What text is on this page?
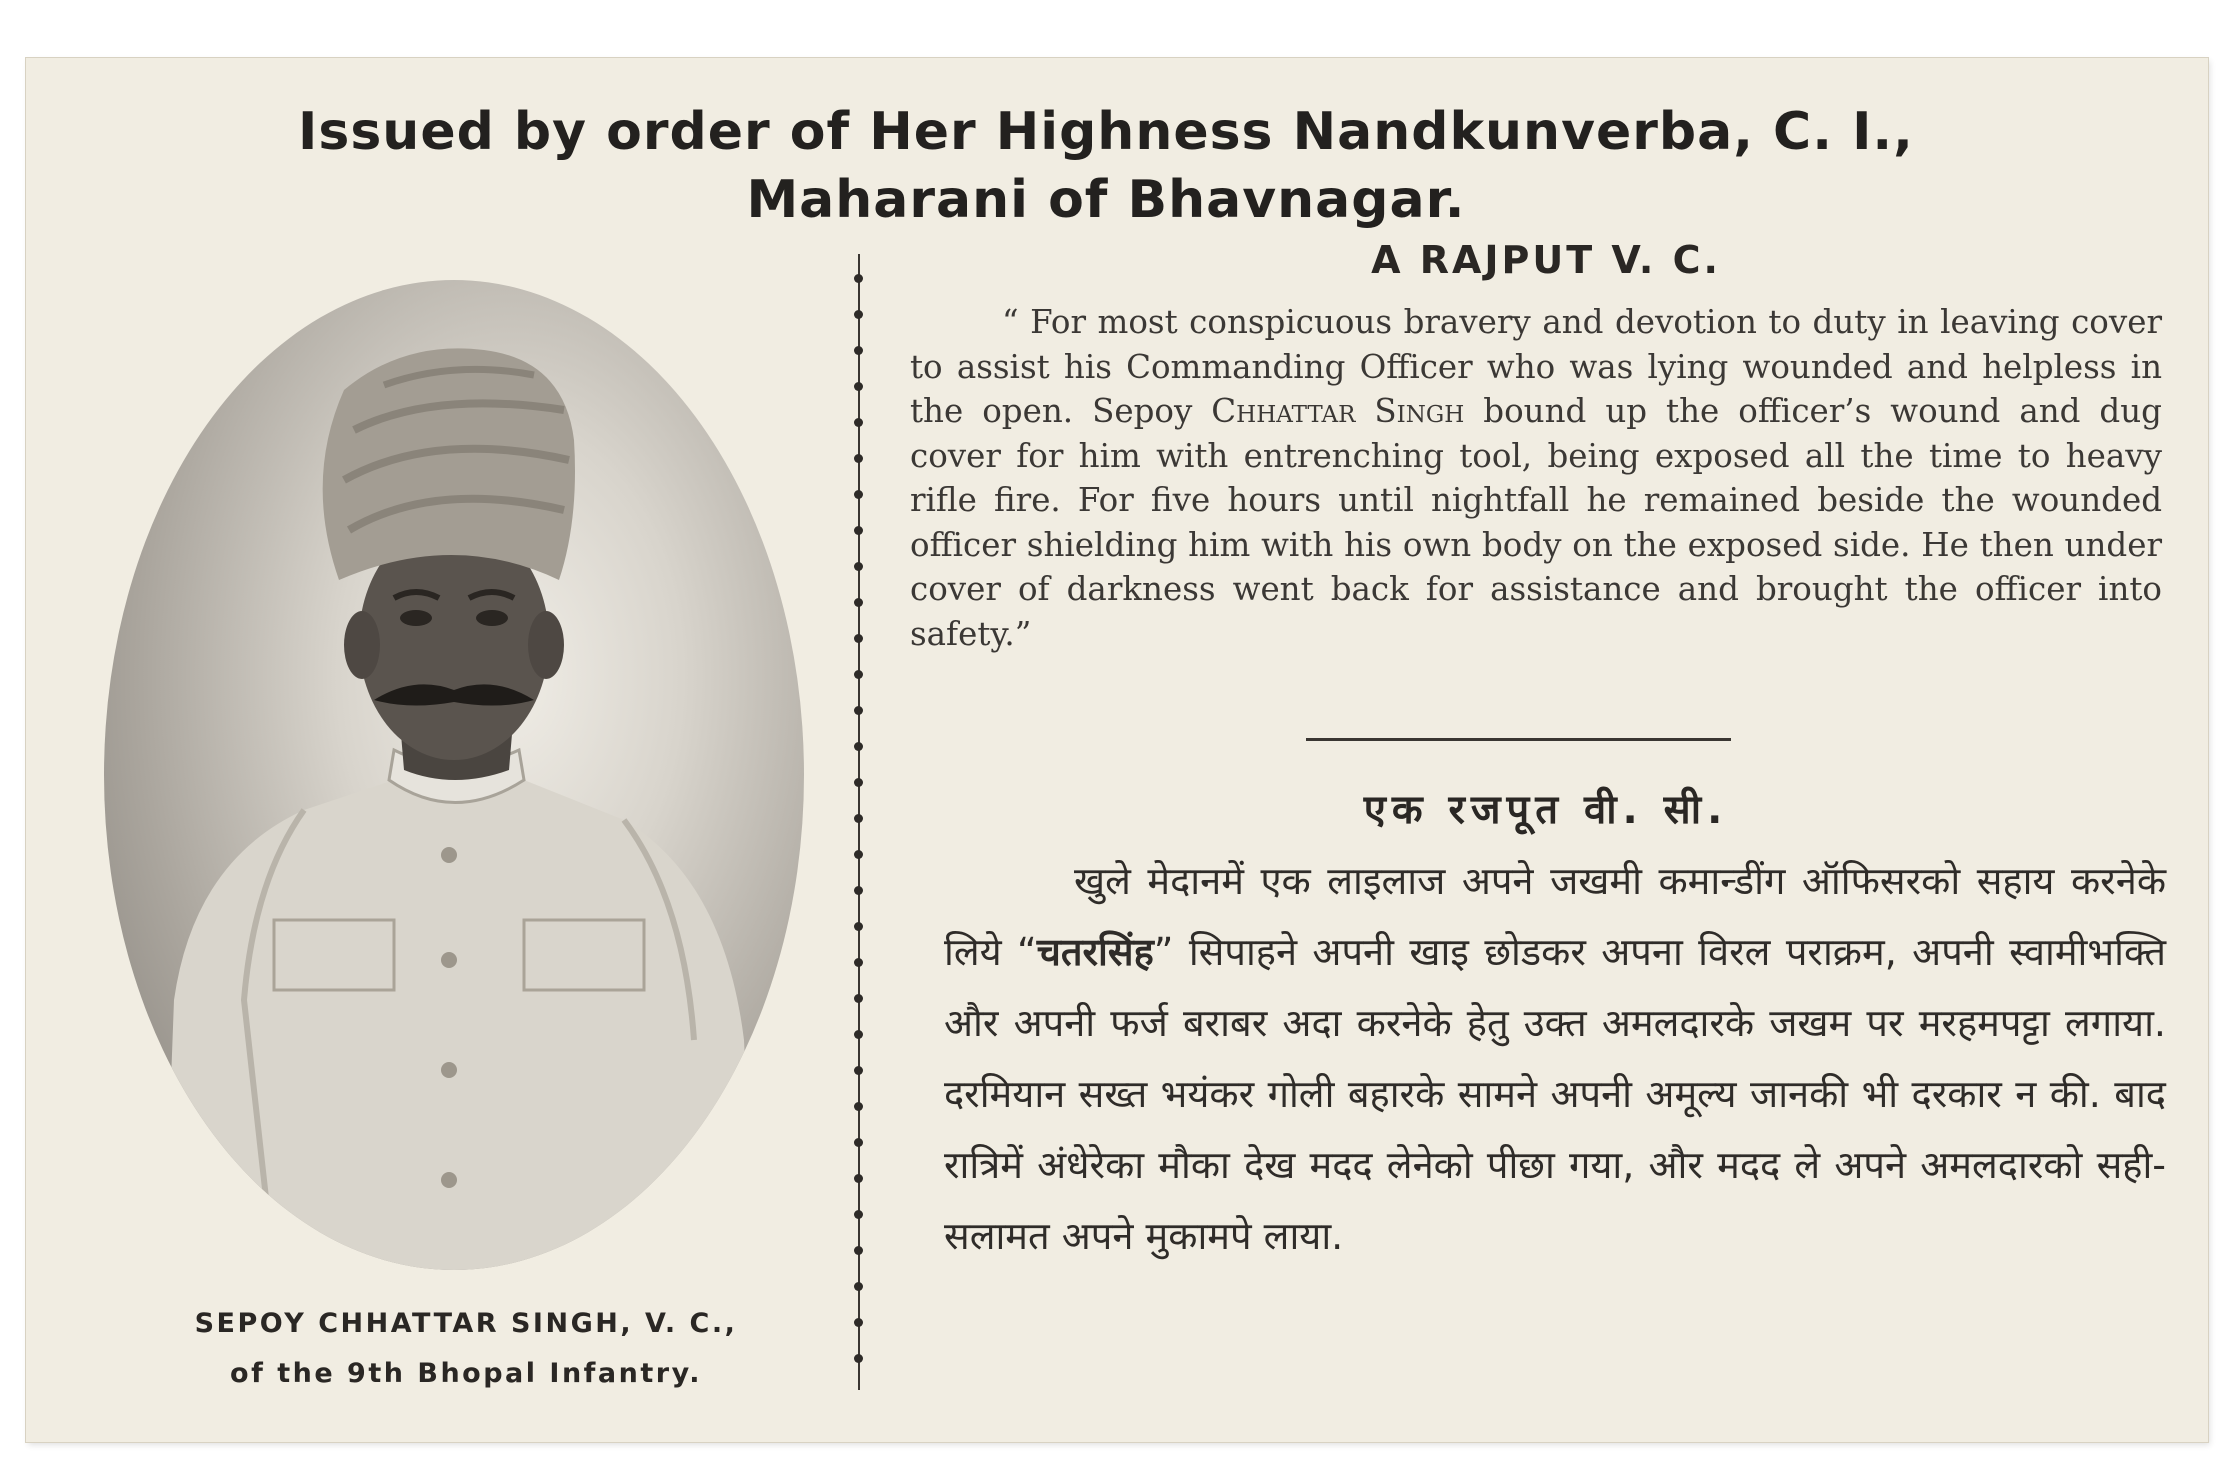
Issued by order of Her Highness Nandkunverba, C. I.,
Maharani of Bhavnagar.
SEPOY CHHATTAR SINGH, V. C.,
of the 9th Bhopal Infantry.
A RAJPUT V. C.
“ For most conspicuous bravery and devotion to duty in leaving cover to assist his Commanding Officer who was lying wounded and helpless in the open. Sepoy Chhattar Singh bound up the officer’s wound and dug cover for him with entrenching tool, being exposed all the time to heavy rifle fire. For five hours until nightfall he remained beside the wounded officer shielding him with his own body on the exposed side. He then under cover of darkness went back for assistance and brought the officer into safety.”
एक रजपूत वी. सी.
खुले मेदानमें एक लाइलाज अपने जखमी कमान्डींग ऑफिसरको सहाय करनेके लिये “चतरसिंह” सिपाहने अपनी खाइ छोडकर अपना विरल पराक्रम, अपनी स्वामीभक्ति और अपनी फर्ज बराबर अदा करनेके हेतु उक्त अमलदारके जखम पर मरहमपट्टा लगाया. दरमियान सख्त भयंकर गोली बहारके सामने अपनी अमूल्य जानकी भी दरकार न की. बाद रात्रिमें अंधेरेका मौका देख मदद लेनेको पीछा गया, और मदद ले अपने अमलदारको सही-सलामत अपने मुकामपे लाया.
